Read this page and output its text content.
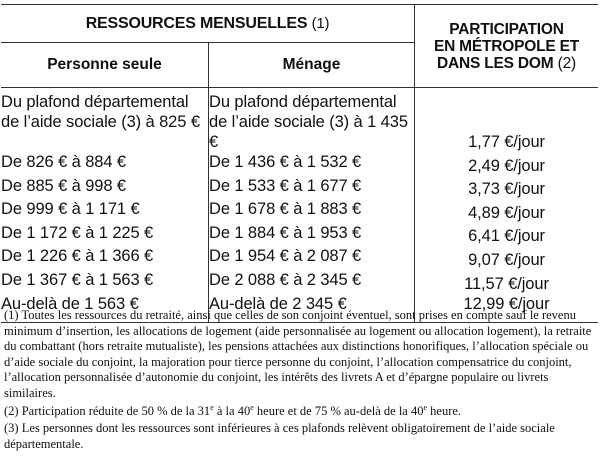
RESSOURCES MENSUELLES (1)		PARTICIPATION
EN MÉTROPOLE ET
DANS LES DOM (2)
Personne seule	Ménage	
Du plafond départemental de l’aide sociale (3) à 825 €	Du plafond départemental de l’aide sociale (3) à 1 435 €	1,77 €/jour
De 826 € à 884 €	De 1 436 € à 1 532 €	2,49 €/jour
De 885 € à 998 €	De 1 533 € à 1 677 €	3,73 €/jour
De 999 € à 1 171 €	De 1 678 € à 1 883 €	4,89 €/jour
De 1 172 € à 1 225 €	De 1 884 € à 1 953 €	6,41 €/jour
De 1 226 € à 1 366 €	De 1 954 € à 2 087 €	9,07 €/jour
De 1 367 € à 1 563 €	De 2 088 € à 2 345 €	11,57 €/jour
Au-delà de 1 563 €	Au-delà de 2 345 €	12,99 €/jour

(1) Toutes les ressources du retraité, ainsi que celles de son conjoint éventuel, sont prises en compte sauf le revenu minimum d’insertion, les allocations de logement (aide personnalisée au logement ou allocation logement), la retraite du combattant (hors retraite mutualiste), les pensions attachées aux distinctions honorifiques, l’allocation spéciale ou d’aide sociale du conjoint, la majoration pour tierce personne du conjoint, l’allocation compensatrice du conjoint, l’allocation personnalisée d’autonomie du conjoint, les intérêts des livrets A et d’épargne populaire ou livrets similaires.

(2) Participation réduite de 50 % de la 31e à la 40e heure et de 75 % au-delà de la 40e heure.

(3) Les personnes dont les ressources sont inférieures à ces plafonds relèvent obligatoirement de l’aide sociale départementale.
